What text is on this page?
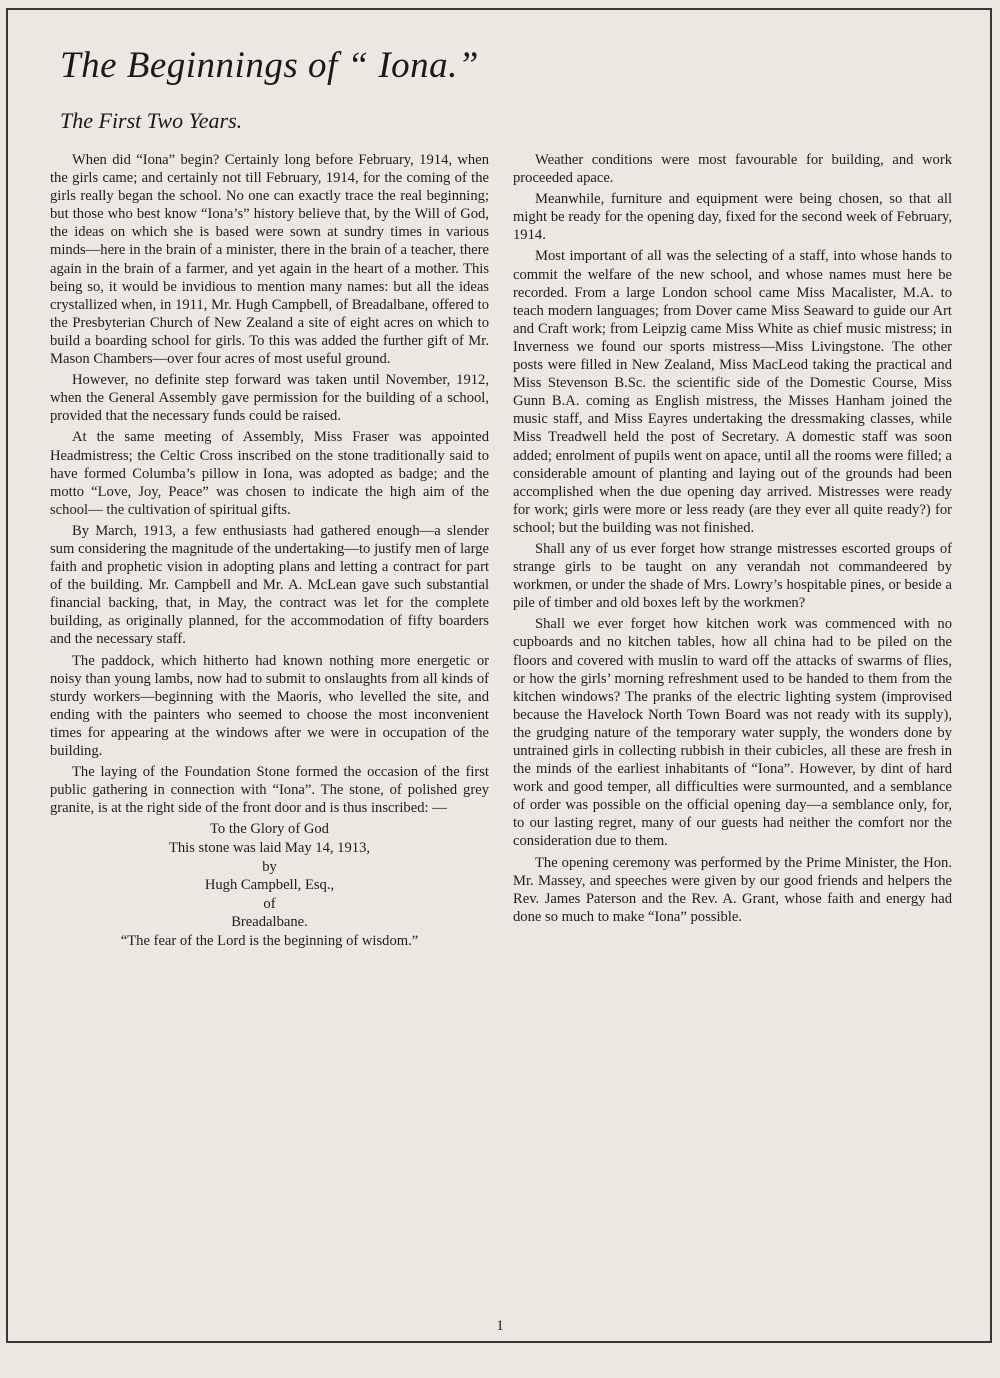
The Beginnings of “ Iona.”
The First Two Years.

When did “Iona” begin? Certainly long before February, 1914, when the girls came; and certainly not till February, 1914, for the coming of the girls really began the school. No one can exactly trace the real beginning; but those who best know “Iona’s” history believe that, by the Will of God, the ideas on which she is based were sown at sundry times in various minds—here in the brain of a minister, there in the brain of a teacher, there again in the brain of a farmer, and yet again in the heart of a mother. This being so, it would be invidious to mention many names: but all the ideas crystallized when, in 1911, Mr. Hugh Campbell, of Breadalbane, offered to the Presbyterian Church of New Zealand a site of eight acres on which to build a boarding school for girls. To this was added the further gift of Mr. Mason Chambers—over four acres of most useful ground.

However, no definite step forward was taken until November, 1912, when the General Assembly gave permission for the building of a school, provided that the necessary funds could be raised.

At the same meeting of Assembly, Miss Fraser was appointed Headmistress; the Celtic Cross inscribed on the stone traditionally said to have formed Columba’s pillow in Iona, was adopted as badge; and the motto “Love, Joy, Peace” was chosen to indicate the high aim of the school— the cultivation of spiritual gifts.

By March, 1913, a few enthusiasts had gathered enough—a slender sum considering the magnitude of the undertaking—to justify men of large faith and prophetic vision in adopting plans and letting a contract for part of the building. Mr. Campbell and Mr. A. McLean gave such substantial financial backing, that, in May, the contract was let for the complete building, as originally planned, for the accommodation of fifty boarders and the necessary staff.

The paddock, which hitherto had known nothing more energetic or noisy than young lambs, now had to submit to onslaughts from all kinds of sturdy workers—beginning with the Maoris, who levelled the site, and ending with the painters who seemed to choose the most inconvenient times for appearing at the windows after we were in occupation of the building.

The laying of the Foundation Stone formed the occasion of the first public gathering in connection with “Iona”. The stone, of polished grey granite, is at the right side of the front door and is thus inscribed: —

To the Glory of God
This stone was laid May 14, 1913,
by
Hugh Campbell, Esq.,
of
Breadalbane.
“The fear of the Lord is the beginning of wisdom.”

Weather conditions were most favourable for building, and work proceeded apace.

Meanwhile, furniture and equipment were being chosen, so that all might be ready for the opening day, fixed for the second week of February, 1914.

Most important of all was the selecting of a staff, into whose hands to commit the welfare of the new school, and whose names must here be recorded. From a large London school came Miss Macalister, M.A. to teach modern languages; from Dover came Miss Seaward to guide our Art and Craft work; from Leipzig came Miss White as chief music mistress; in Inverness we found our sports mistress—Miss Livingstone. The other posts were filled in New Zealand, Miss MacLeod taking the practical and Miss Stevenson B.Sc. the scientific side of the Domestic Course, Miss Gunn B.A. coming as English mistress, the Misses Hanham joined the music staff, and Miss Eayres undertaking the dressmaking classes, while Miss Treadwell held the post of Secretary. A domestic staff was soon added; enrolment of pupils went on apace, until all the rooms were filled; a considerable amount of planting and laying out of the grounds had been accomplished when the due opening day arrived. Mistresses were ready for work; girls were more or less ready (are they ever all quite ready?) for school; but the building was not finished.

Shall any of us ever forget how strange mistresses escorted groups of strange girls to be taught on any verandah not commandeered by workmen, or under the shade of Mrs. Lowry’s hospitable pines, or beside a pile of timber and old boxes left by the workmen?

Shall we ever forget how kitchen work was commenced with no cupboards and no kitchen tables, how all china had to be piled on the floors and covered with muslin to ward off the attacks of swarms of flies, or how the girls’ morning refreshment used to be handed to them from the kitchen windows? The pranks of the electric lighting system (improvised because the Havelock North Town Board was not ready with its supply), the grudging nature of the temporary water supply, the wonders done by untrained girls in collecting rubbish in their cubicles, all these are fresh in the minds of the earliest inhabitants of “Iona”. However, by dint of hard work and good temper, all difficulties were surmounted, and a semblance of order was possible on the official opening day—a semblance only, for, to our lasting regret, many of our guests had neither the comfort nor the consideration due to them.

The opening ceremony was performed by the Prime Minister, the Hon. Mr. Massey, and speeches were given by our good friends and helpers the Rev. James Paterson and the Rev. A. Grant, whose faith and energy had done so much to make “Iona” possible.

1
